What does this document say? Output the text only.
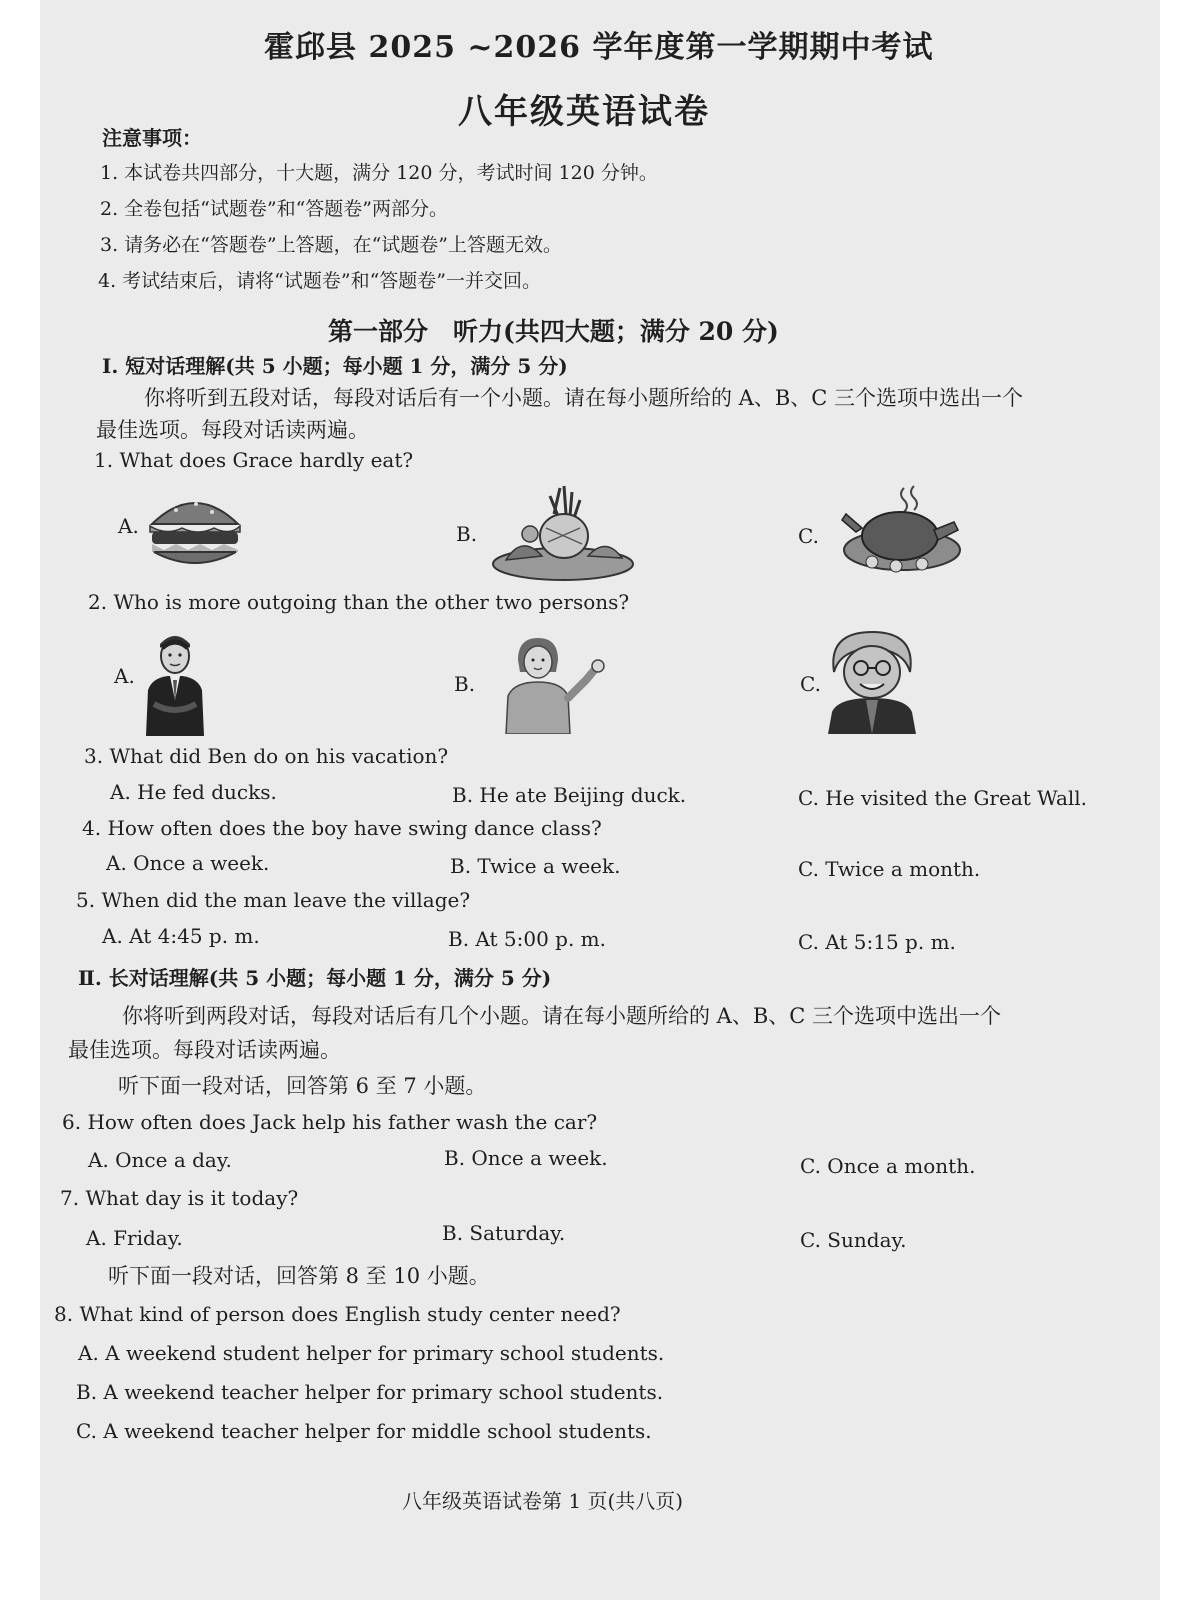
霍邱县 2025 ~2026 学年度第一学期期中考试
八年级英语试卷
注意事项：
1. 本试卷共四部分，十大题，满分 120 分，考试时间 120 分钟。
2. 全卷包括“试题卷”和“答题卷”两部分。
3. 请务必在“答题卷”上答题，在“试题卷”上答题无效。
4. 考试结束后，请将“试题卷”和“答题卷”一并交回。
第一部分　听力(共四大题；满分 20 分)
Ⅰ. 短对话理解(共 5 小题；每小题 1 分，满分 5 分)
你将听到五段对话，每段对话后有一个小题。请在每小题所给的 A、B、C 三个选项中选出一个
最佳选项。每段对话读两遍。
1. What does Grace hardly eat?
A.	B.	C.
2. Who is more outgoing than the other two persons?
A.	B.	C.
3. What did Ben do on his vacation?
A. He fed ducks.	B. He ate Beijing duck.	C. He visited the Great Wall.
4. How often does the boy have swing dance class?
A. Once a week.	B. Twice a week.	C. Twice a month.
5. When did the man leave the village?
A. At 4:45 p. m.	B. At 5:00 p. m.	C. At 5:15 p. m.
Ⅱ. 长对话理解(共 5 小题；每小题 1 分，满分 5 分)
你将听到两段对话，每段对话后有几个小题。请在每小题所给的 A、B、C 三个选项中选出一个
最佳选项。每段对话读两遍。
听下面一段对话，回答第 6 至 7 小题。
6. How often does Jack help his father wash the car?
A. Once a day.	B. Once a week.	C. Once a month.
7. What day is it today?
A. Friday.	B. Saturday.	C. Sunday.
听下面一段对话，回答第 8 至 10 小题。
8. What kind of person does English study center need?
A. A weekend student helper for primary school students.
B. A weekend teacher helper for primary school students.
C. A weekend teacher helper for middle school students.
八年级英语试卷第 1 页(共八页)
